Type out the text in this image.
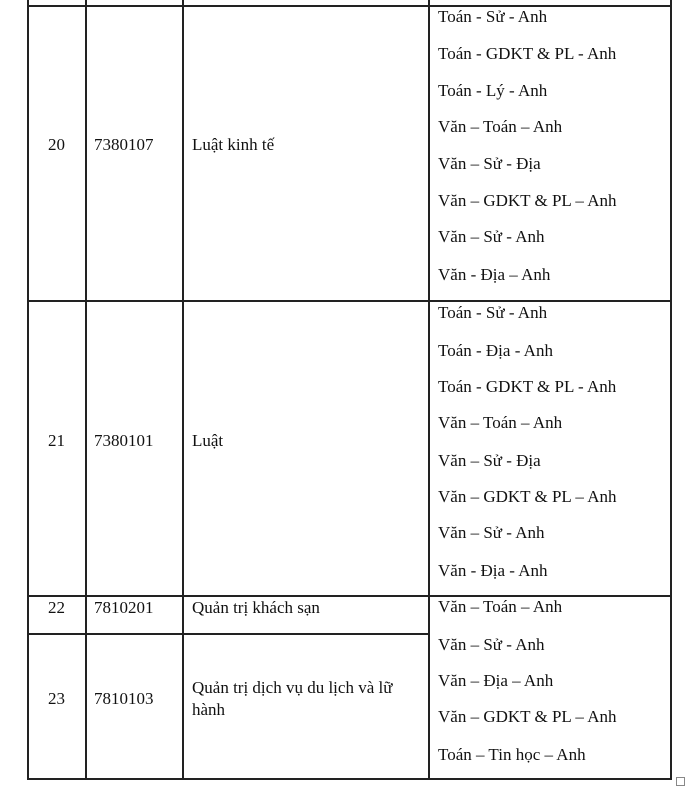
20 7380107 Luật kinh tế
Toán - Sử - Anh
Toán - GDKT & PL - Anh
Toán - Lý - Anh
Văn – Toán – Anh
Văn – Sử - Địa
Văn – GDKT & PL – Anh
Văn – Sử - Anh
Văn - Địa – Anh
21 7380101 Luật
Toán - Sử - Anh
Toán - Địa - Anh
Toán - GDKT & PL - Anh
Văn – Toán – Anh
Văn – Sử - Địa
Văn – GDKT & PL – Anh
Văn – Sử - Anh
Văn - Địa - Anh
22 7810201 Quản trị khách sạn
23 7810103
Quản trị dịch vụ du lịch và lữ hành
Văn – Toán – Anh
Văn – Sử - Anh
Văn – Địa – Anh
Văn – GDKT & PL – Anh
Toán – Tin học – Anh
